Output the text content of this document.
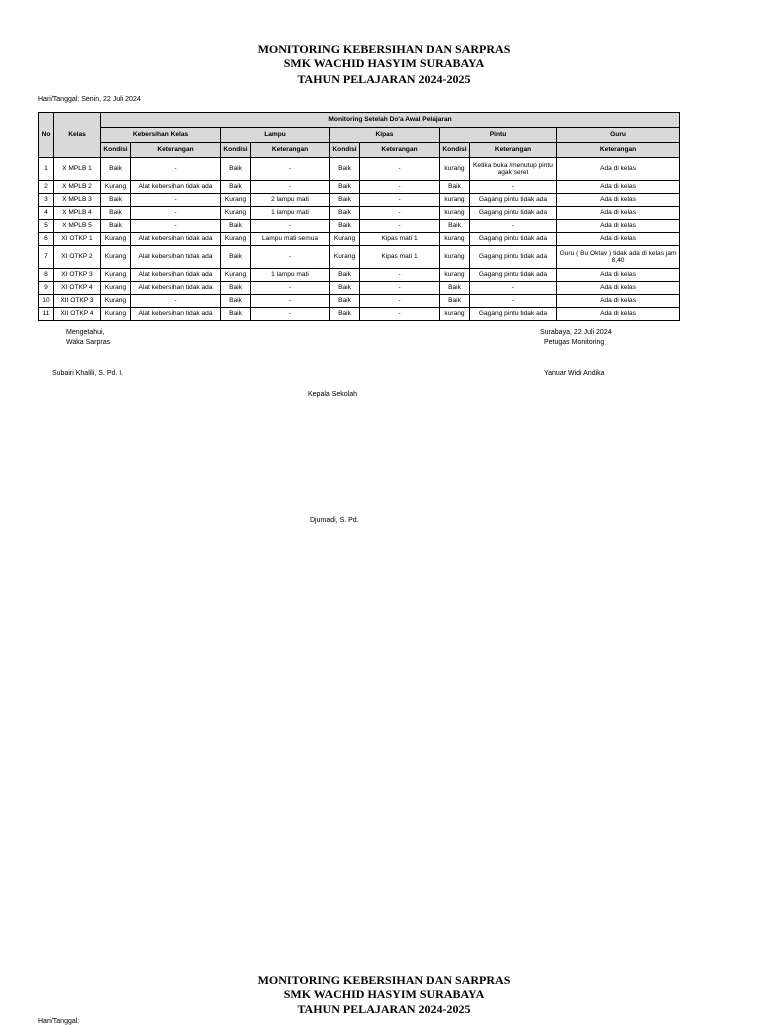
MONITORING KEBERSIHAN DAN SARPRAS
SMK WACHID HASYIM SURABAYA
TAHUN PELAJARAN 2024-2025
Hari/Tanggal: Senin, 22 Juli 2024
No	Kelas	Monitoring Setelah Do'a Awal Pelajaran								
		Kebersihan Kelas		Lampu		Kipas		Pintu		Guru
		Kondisi	Keterangan	Kondisi	Keterangan	Kondisi	Keterangan	Kondisi	Keterangan	Keterangan
1	X MPLB 1	Baik	-	Baik	-	Baik	-	kurang	Ketika buka /menutup pintu agak seret	Ada di kelas
2	X MPLB 2	Kurang	Alat kebersihan tidak ada	Baik	-	Baik	-	Baik	-	Ada di kelas
3	X MPLB 3	Baik	-	Kurang	2 lampu mati	Baik	-	kurang	Gagang pintu tidak ada	Ada di kelas
4	X MPLB 4	Baik	-	Kurang	1 lampu mati	Baik	-	kurang	Gagang pintu tidak ada	Ada di kelas
5	X MPLB 5	Baik	-	Baik	-	Baik	-	Baik	-	Ada di kelas
6	XI OTKP 1	Kurang	Alat kebersihan tidak ada	Kurang	Lampu mati semua	Kurang	Kipas mati 1	kurang	Gagang pintu tidak ada	Ada di kelas
7	XI OTKP 2	Kurang	Alat kebersihan tidak ada	Baik	-	Kurang	Kipas mati 1	kurang	Gagang pintu tidak ada	Guru ( Bu Oktav ) tidak ada di kelas jam 8,40
8	XI OTKP 3	Kurang	Alat kebersihan tidak ada	Kurang	1 lampu mati	Baik	-	kurang	Gagang pintu tidak ada	Ada di kelas
9	XI OTKP 4	Kurang	Alat kebersihan tidak ada	Baik	-	Baik	-	Baik	-	Ada di kelas
10	XII OTKP 3	Kurang	-	Baik	-	Baik	-	Baik	-	Ada di kelas
11	XII OTKP 4	Kurang	Alat kebersihan tidak ada	Baik	-	Baik	-	kurang	Gagang pintu tidak ada	Ada di kelas
Mengetahui,
Waka Sarpras
Subairi Khalili, S. Pd. I.
Surabaya, 22 Juli 2024
Petugas Monitoring
Yanuar Widi Andika
Kepala Sekolah
Djumadi, S. Pd.
MONITORING KEBERSIHAN DAN SARPRAS
SMK WACHID HASYIM SURABAYA
TAHUN PELAJARAN 2024-2025
Hari/Tanggal:
